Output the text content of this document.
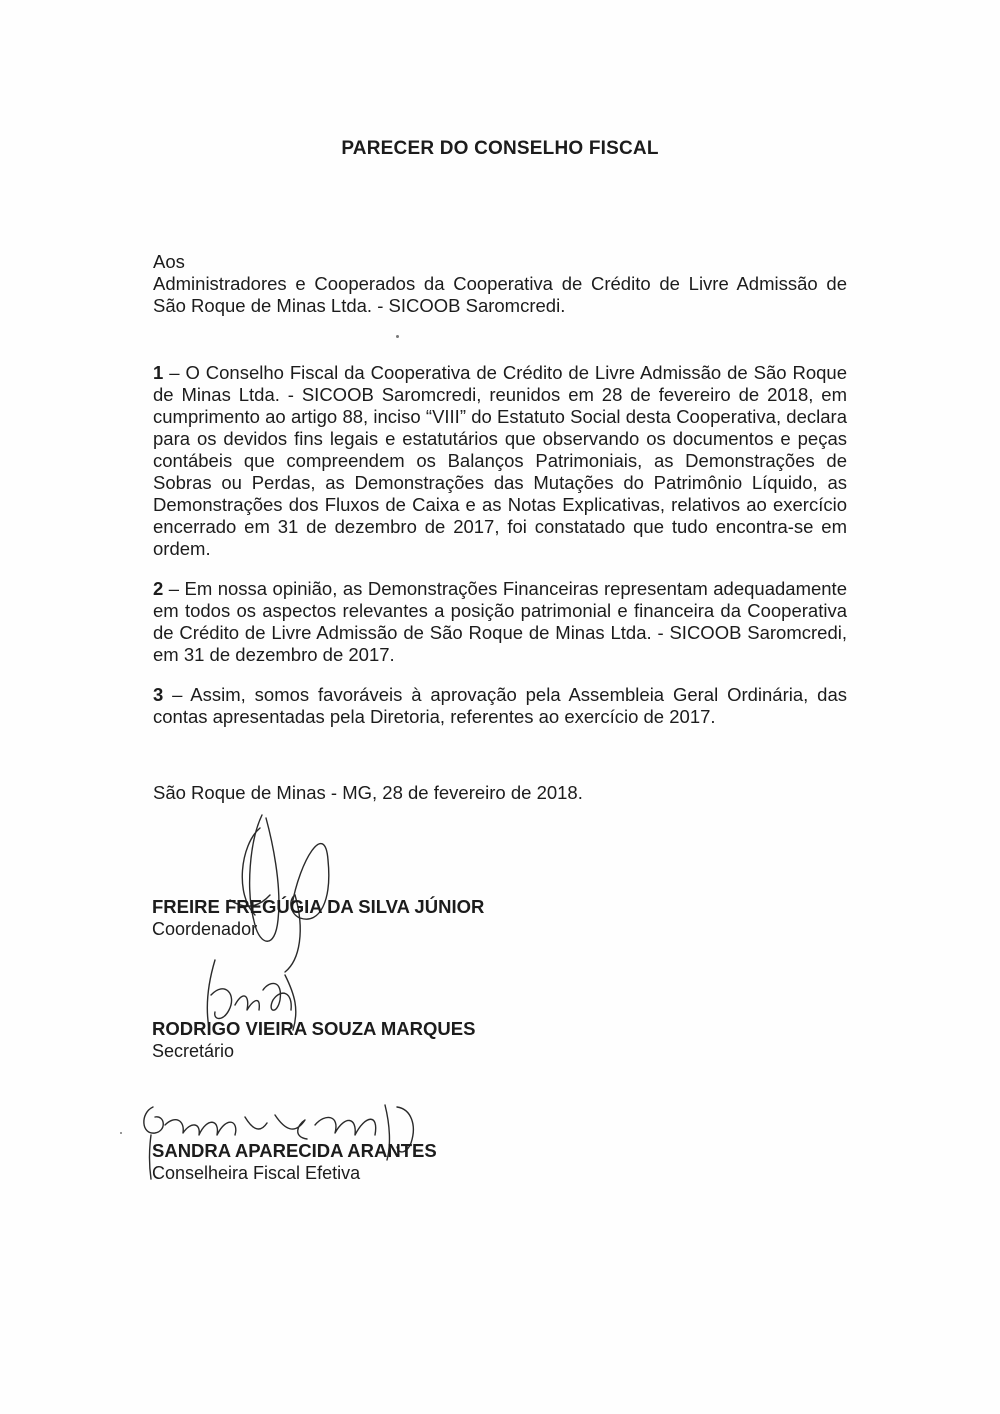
PARECER DO CONSELHO FISCAL

Aos

Administradores e Cooperados da Cooperativa de Crédito de Livre Admissão de São Roque de Minas Ltda. - SICOOB Saromcredi.

1 – O Conselho Fiscal da Cooperativa de Crédito de Livre Admissão de São Roque de Minas Ltda. - SICOOB Saromcredi, reunidos em 28 de fevereiro de 2018, em cumprimento ao artigo 88, inciso “VIII” do Estatuto Social desta Cooperativa, declara para os devidos fins legais e estatutários que observando os documentos e peças contábeis que compreendem os Balanços Patrimoniais, as Demonstrações de Sobras ou Perdas, as Demonstrações das Mutações do Patrimônio Líquido, as Demonstrações dos Fluxos de Caixa e as Notas Explicativas, relativos ao exercício encerrado em 31 de dezembro de 2017, foi constatado que tudo encontra-se em ordem.
2 – Em nossa opinião, as Demonstrações Financeiras representam adequadamente em todos os aspectos relevantes a posição patrimonial e financeira da Cooperativa de Crédito de Livre Admissão de São Roque de Minas Ltda. - SICOOB Saromcredi, em 31 de dezembro de 2017.
3 – Assim, somos favoráveis à aprovação pela Assembleia Geral Ordinária, das contas apresentadas pela Diretoria, referentes ao exercício de 2017.
São Roque de Minas - MG, 28 de fevereiro de 2018.
FREIRE FREGÚGIA DA SILVA JÚNIOR
Coordenador
RODRIGO VIEIRA SOUZA MARQUES
Secretário
SANDRA APARECIDA ARANTES
Conselheira Fiscal Efetiva
